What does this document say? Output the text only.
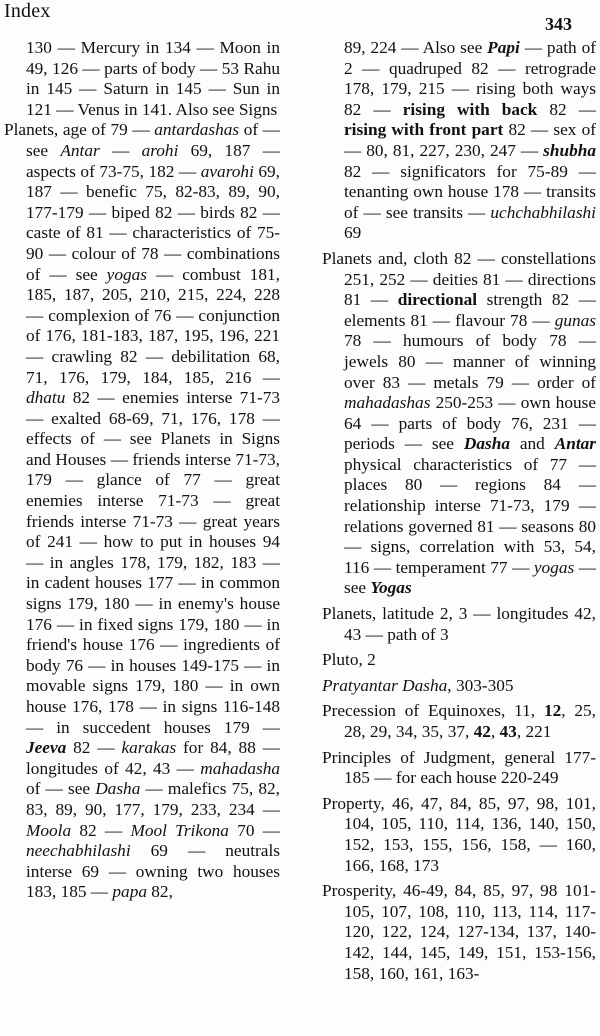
Index
343

130 — Mercury in 134 — Moon in 49, 126 — parts of body — 53 Rahu in 145 — Saturn in 145 — Sun in 121 — Venus in 141. Also see Signs

Planets, age of 79 — antardashas of — see Antar — arohi 69, 187 — aspects of 73-75, 182 — avarohi 69, 187 — benefic 75, 82-83, 89, 90, 177-179 — biped 82 — birds 82 — caste of 81 — characteristics of 75-90 — colour of 78 — combinations of — see yogas — combust 181, 185, 187, 205, 210, 215, 224, 228 — complexion of 76 — conjunction of 176, 181-183, 187, 195, 196, 221 — crawling 82 — debilitation 68, 71, 176, 179, 184, 185, 216 — dhatu 82 — enemies interse 71-73 — exalted 68-69, 71, 176, 178 — effects of — see Planets in Signs and Houses — friends interse 71-73, 179 — glance of 77 — great enemies interse 71-73 — great friends interse 71-73 — great years of 241 — how to put in houses 94 — in angles 178, 179, 182, 183 — in cadent houses 177 — in common signs 179, 180 — in enemy's house 176 — in fixed signs 179, 180 — in friend's house 176 — ingredients of body 76 — in houses 149-175 — in movable signs 179, 180 — in own house 176, 178 — in signs 116-148 — in succedent houses 179 — Jeeva 82 — karakas for 84, 88 — longitudes of 42, 43 — mahadasha of — see Dasha — malefics 75, 82, 83, 89, 90, 177, 179, 233, 234 — Moola 82 — Mool Trikona 70 — neechabhilashi 69 — neutrals interse 69 — owning two houses 183, 185 — papa 82,

89, 224 — Also see Papi — path of 2 — quadruped 82 — retrograde 178, 179, 215 — rising both ways 82 — rising with back 82 — rising with front part 82 — sex of — 80, 81, 227, 230, 247 — shubha 82 — significators for 75-89 — tenanting own house 178 — transits of — see transits — uchchabhilashi 69

Planets and, cloth 82 — constellations 251, 252 — deities 81 — directions 81 — directional strength 82 — elements 81 — flavour 78 — gunas 78 — humours of body 78 — jewels 80 — manner of winning over 83 — metals 79 — order of mahadashas 250-253 — own house 64 — parts of body 76, 231 — periods — see Dasha and Antar physical characteristics of 77 — places 80 — regions 84 — relationship interse 71-73, 179 — relations governed 81 — seasons 80 — signs, correlation with 53, 54, 116 — temperament 77 — yogas — see Yogas

Planets, latitude 2, 3 — longitudes 42, 43 — path of 3

Pluto, 2

Pratyantar Dasha, 303-305

Precession of Equinoxes, 11, 12, 25, 28, 29, 34, 35, 37, 42, 43, 221

Principles of Judgment, general 177-185 — for each house 220-249

Property, 46, 47, 84, 85, 97, 98, 101, 104, 105, 110, 114, 136, 140, 150, 152, 153, 155, 156, 158, — 160, 166, 168, 173

Prosperity, 46-49, 84, 85, 97, 98 101-105, 107, 108, 110, 113, 114, 117-120, 122, 124, 127-134, 137, 140-142, 144, 145, 149, 151, 153-156, 158, 160, 161, 163-
